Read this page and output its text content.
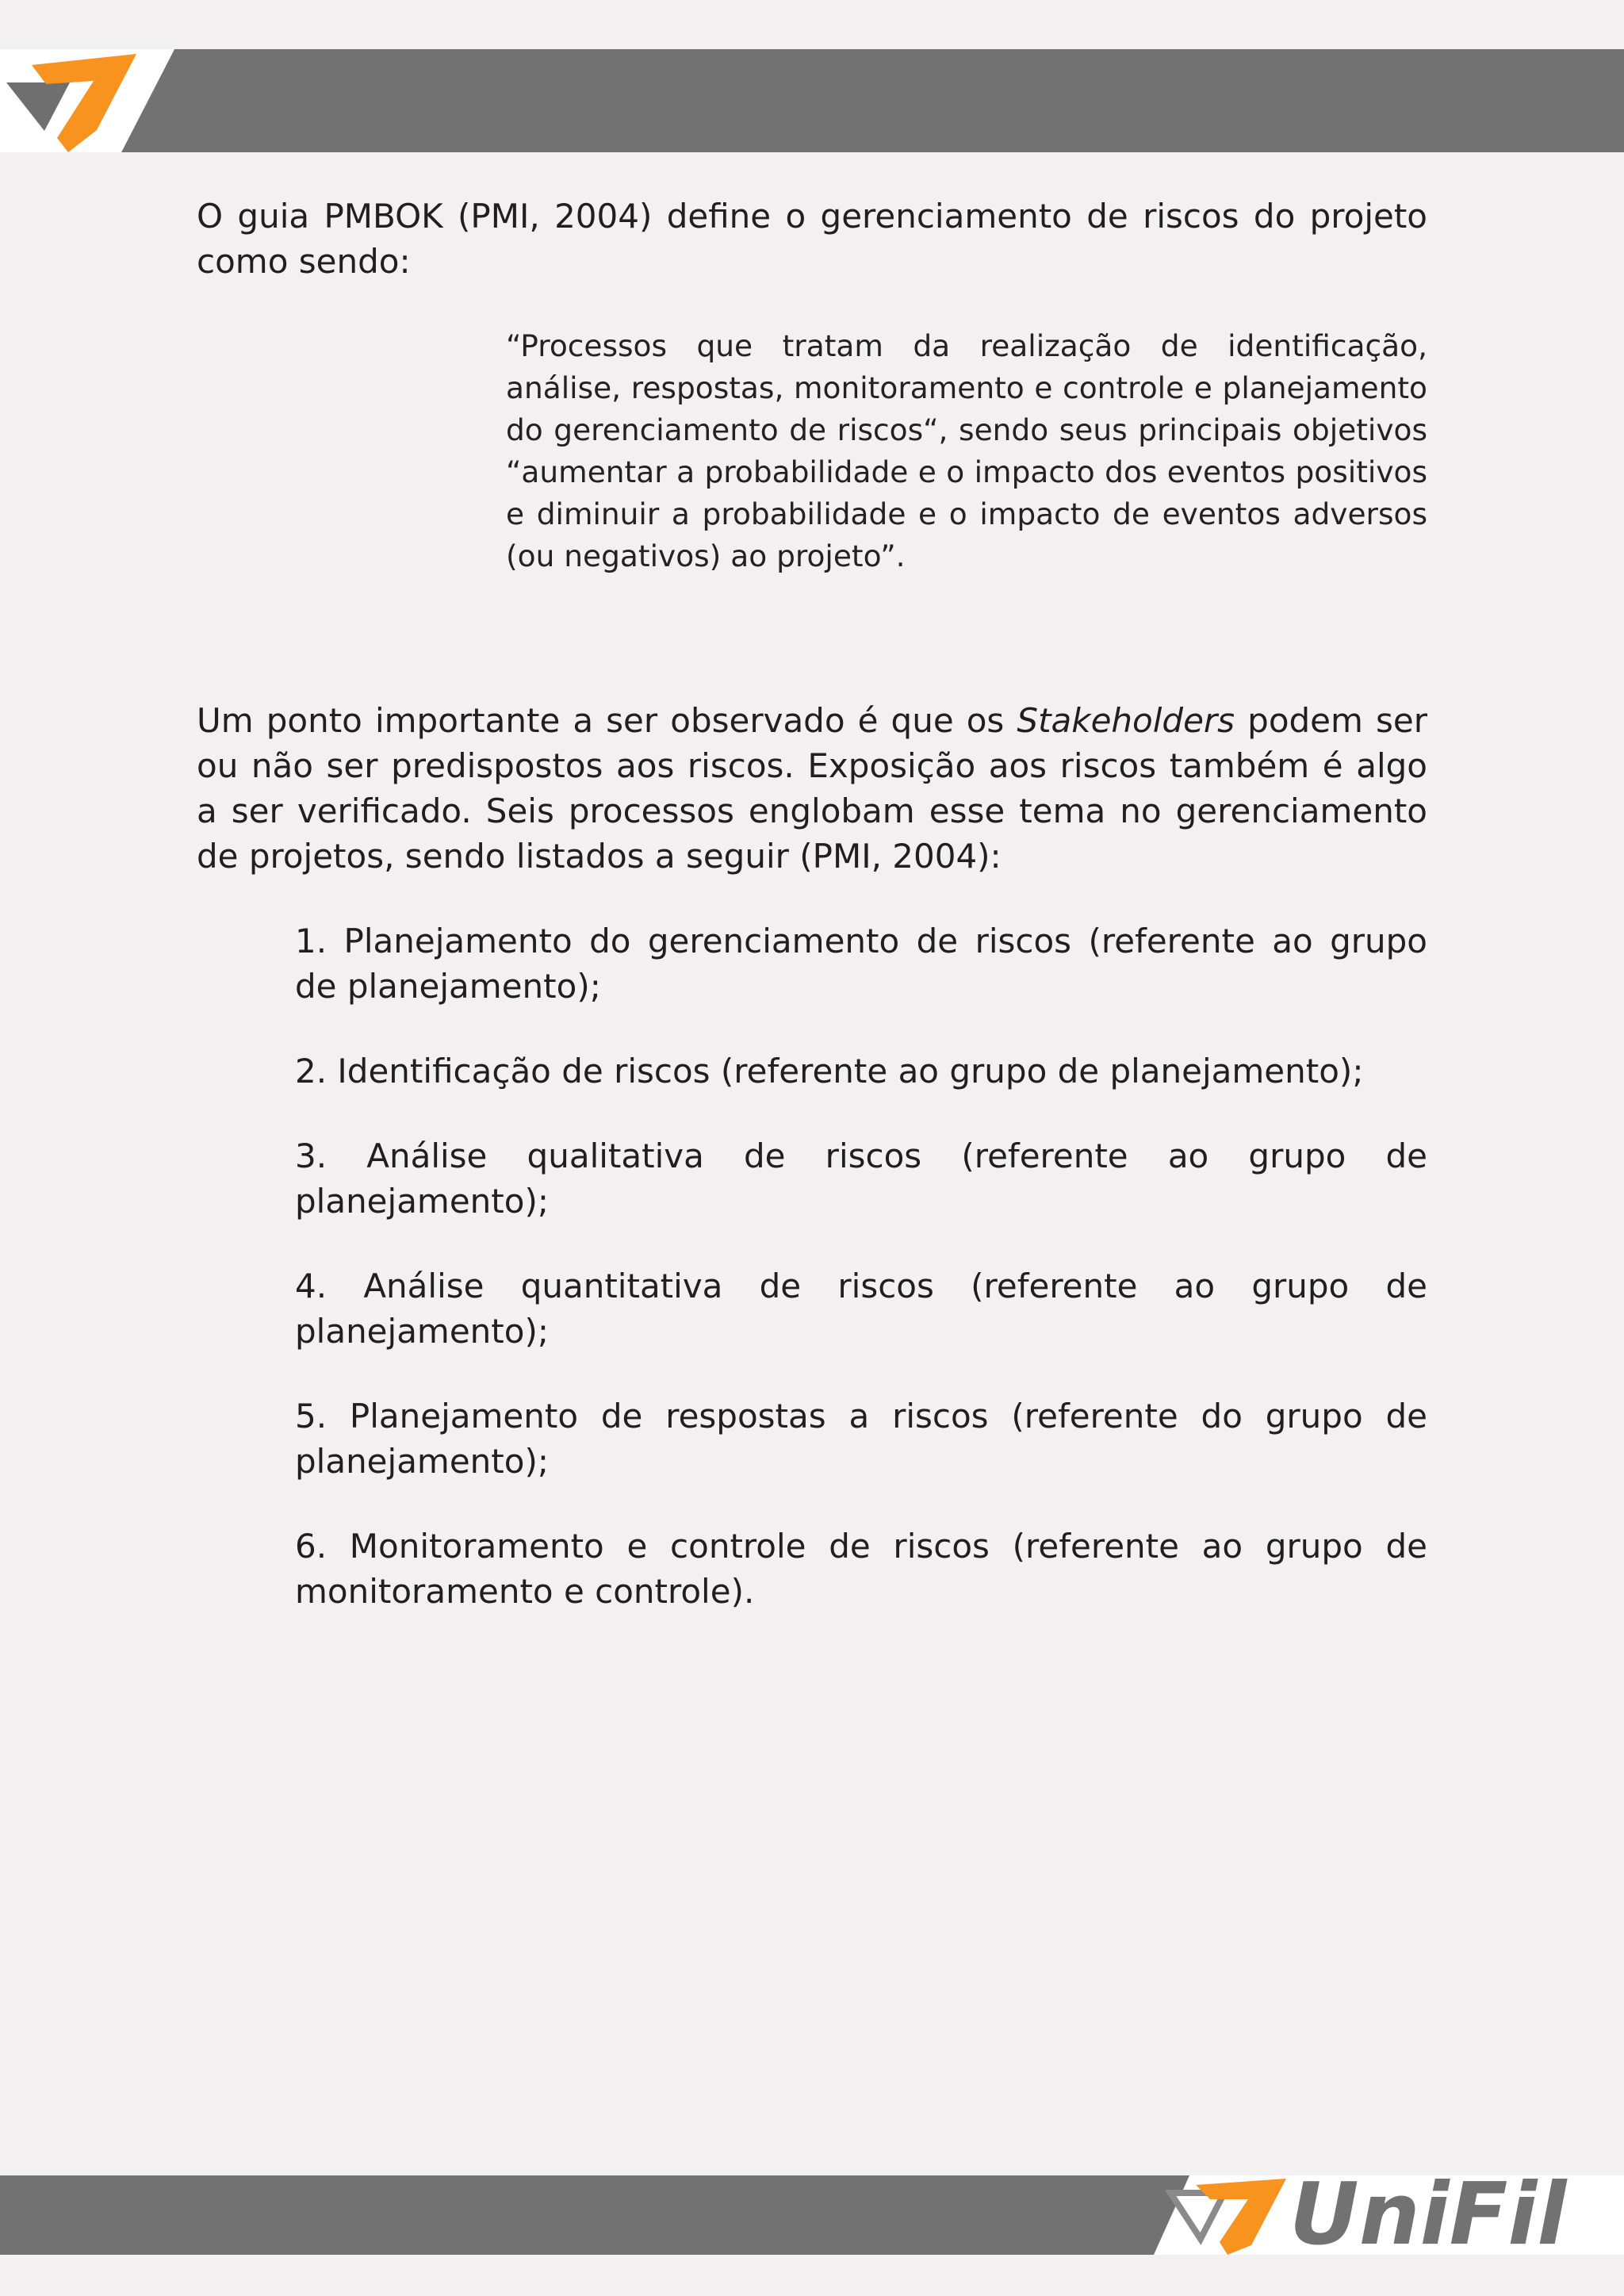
O guia PMBOK (PMI, 2004) define o gerenciamento de riscos do projeto como sendo:

“Processos que tratam da realização de identificação, análise, respostas, monitoramento e controle e planejamento do gerenciamento de riscos“, sendo seus principais objetivos “aumentar a probabilidade e o impacto dos eventos positivos e diminuir a probabilidade e o impacto de eventos adversos (ou negativos) ao projeto”.

Um ponto importante a ser observado é que os Stakeholders podem ser ou não ser predispostos aos riscos. Exposição aos riscos também é algo a ser verificado. Seis processos englobam esse tema no gerenciamento de projetos, sendo listados a seguir (PMI, 2004):

1. Planejamento do gerenciamento de riscos (referente ao grupo de planejamento);
2. Identificação de riscos (referente ao grupo de planejamento);
3. Análise qualitativa de riscos (referente ao grupo de planejamento);
4. Análise quantitativa de riscos (referente ao grupo de planejamento);
5. Planejamento de respostas a riscos (referente do grupo de planejamento);
6. Monitoramento e controle de riscos (referente ao grupo de monitoramento e controle).
UniFil
